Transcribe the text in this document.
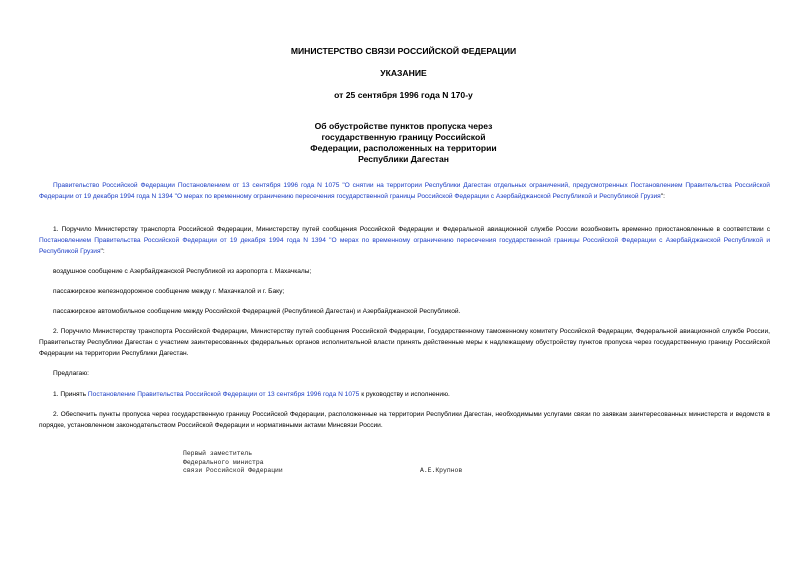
МИНИСТЕРСТВО СВЯЗИ РОССИЙСКОЙ ФЕДЕРАЦИИ
УКАЗАНИЕ
от 25 сентября 1996 года N 170-у
Об обустройстве пунктов пропуска через
государственную границу Российской
Федерации, расположенных на территории
Республики Дагестан

Правительство Российской Федерации Постановлением от 13 сентября 1996 года N 1075 "О снятии на территории Республики Дагестан отдельных ограничений, предусмотренных Постановлением Правительства Российской Федерации от 19 декабря 1994 года N 1394 "О мерах по временному ограничению пересечения государственной границы Российской Федерации с Азербайджанской Республикой и Республикой Грузия":

1. Поручило Министерству транспорта Российской Федерации, Министерству путей сообщения Российской Федерации и Федеральной авиационной службе России возобновить временно приостановленные в соответствии с Постановлением Правительства Российской Федерации от 19 декабря 1994 года N 1394 "О мерах по временному ограничению пересечения государственной границы Российской Федерации с Азербайджанской Республикой и Республикой Грузия":

воздушное сообщение с Азербайджанской Республикой из аэропорта г. Махачкалы;

пассажирское железнодорожное сообщение между г. Махачкалой и г. Баку;

пассажирское автомобильное сообщение между Российской Федерацией (Республикой Дагестан) и Азербайджанской Республикой.

2. Поручило Министерству транспорта Российской Федерации, Министерству путей сообщения Российской Федерации, Государственному таможенному комитету Российской Федерации, Федеральной авиационной службе России, Правительству Республики Дагестан с участием заинтересованных федеральных органов исполнительной власти принять действенные меры к надлежащему обустройству пунктов пропуска через государственную границу Российской Федерации на территории Республики Дагестан.

Предлагаю:

1. Принять Постановление Правительства Российской Федерации от 13 сентября 1996 года N 1075 к руководству и исполнению.

2. Обеспечить пункты пропуска через государственную границу Российской Федерации, расположенные на территории Республики Дагестан, необходимыми услугами связи по заявкам заинтересованных министерств и ведомств в порядке, установленном законодательством Российской Федерации и нормативными актами Минсвязи России.

Первый заместитель
Федерального министра
связи Российской Федерации	А.Е.Крупнов
